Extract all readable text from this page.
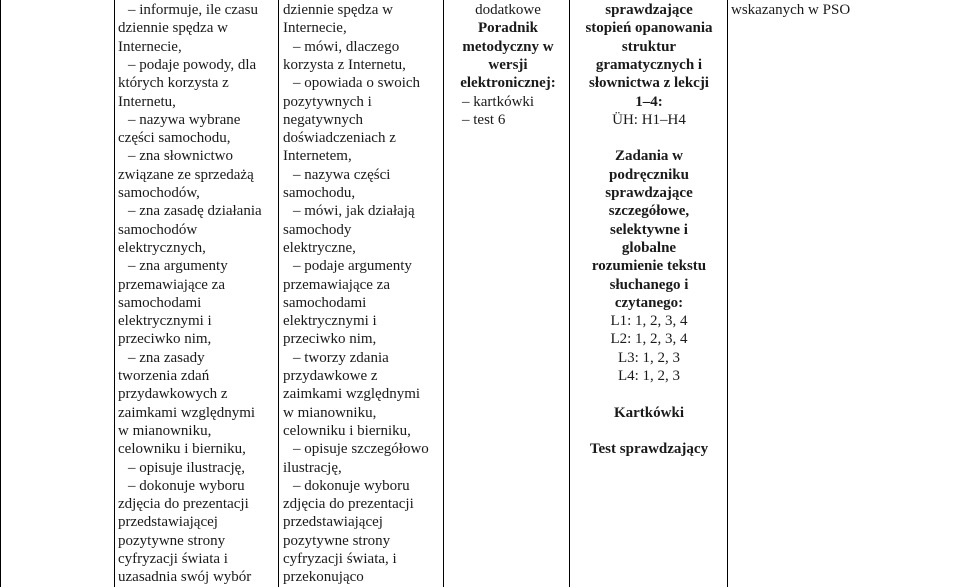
– informuje, ile czasu
dziennie spędza w
Internecie,
– podaje powody, dla
których korzysta z
Internetu,
– nazywa wybrane
części samochodu,
– zna słownictwo
związane ze sprzedażą
samochodów,
– zna zasadę działania
samochodów
elektrycznych,
– zna argumenty
przemawiające za
samochodami
elektrycznymi i
przeciwko nim,
– zna zasady
tworzenia zdań
przydawkowych z
zaimkami względnymi
w mianowniku,
celowniku i bierniku,
– opisuje ilustrację,
– dokonuje wyboru
zdjęcia do prezentacji
przedstawiającej
pozytywne strony
cyfryzacji świata i
uzasadnia swój wybór
dziennie spędza w
Internecie,
– mówi, dlaczego
korzysta z Internetu,
– opowiada o swoich
pozytywnych i
negatywnych
doświadczeniach z
Internetem,
– nazywa części
samochodu,
– mówi, jak działają
samochody
elektryczne,
– podaje argumenty
przemawiające za
samochodami
elektrycznymi i
przeciwko nim,
– tworzy zdania
przydawkowe z
zaimkami względnymi
w mianowniku,
celowniku i bierniku,
– opisuje szczegółowo
ilustrację,
– dokonuje wyboru
zdjęcia do prezentacji
przedstawiającej
pozytywne strony
cyfryzacji świata, i
przekonująco
dodatkowe
Poradnik
metodyczny w
wersji
elektronicznej:
– kartkówki
– test 6
sprawdzające
stopień opanowania
struktur
gramatycznych i
słownictwa z lekcji
1–4:
ÜH: H1–H4
Zadania w
podręczniku
sprawdzające
szczegółowe,
selektywne i
globalne
rozumienie tekstu
słuchanego i
czytanego:
L1: 1, 2, 3, 4
L2: 1, 2, 3, 4
L3: 1, 2, 3
L4: 1, 2, 3
Kartkówki
Test sprawdzający
wskazanych w PSO
